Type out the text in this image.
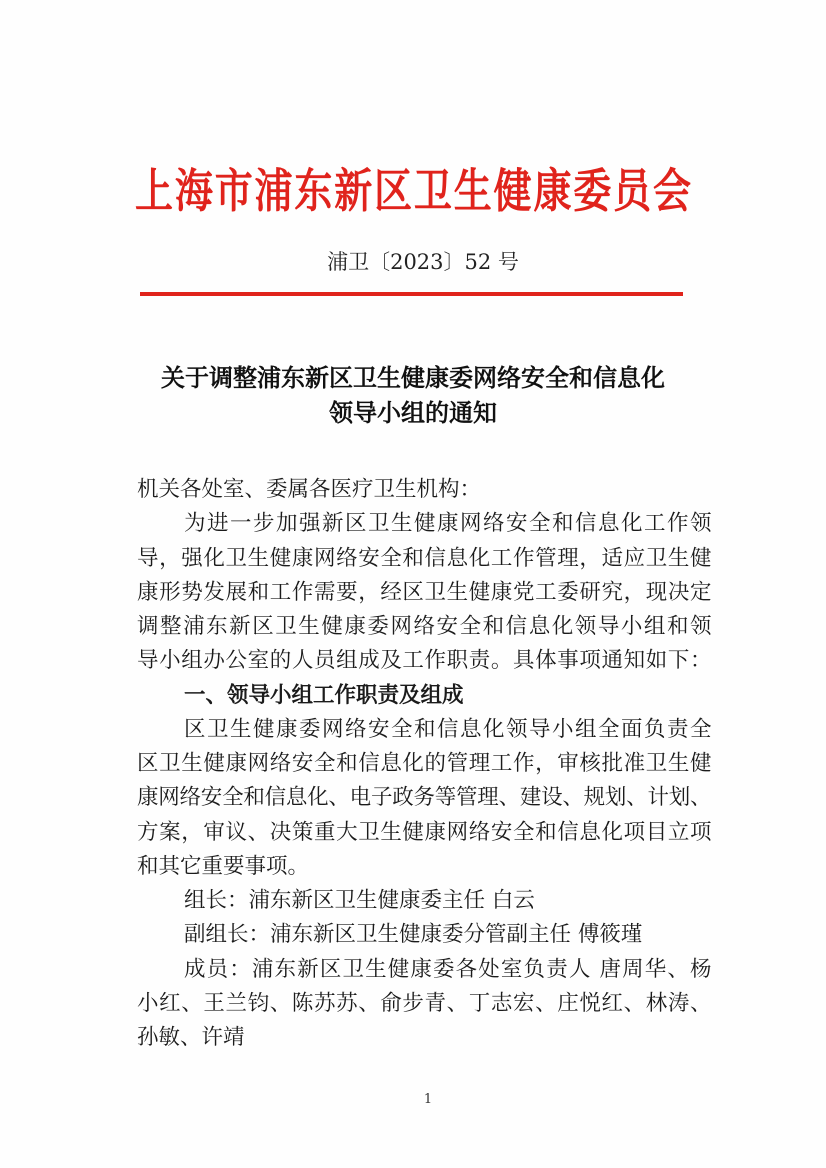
上海市浦东新区卫生健康委员会
浦卫〔2023〕52 号
关于调整浦东新区卫生健康委网络安全和信息化
领导小组的通知
机关各处室、委属各医疗卫生机构：
为进一步加强新区卫生健康网络安全和信息化工作领
导，强化卫生健康网络安全和信息化工作管理，适应卫生健
康形势发展和工作需要，经区卫生健康党工委研究，现决定
调整浦东新区卫生健康委网络安全和信息化领导小组和领
导小组办公室的人员组成及工作职责。具体事项通知如下：
一、领导小组工作职责及组成
区卫生健康委网络安全和信息化领导小组全面负责全
区卫生健康网络安全和信息化的管理工作，审核批准卫生健
康网络安全和信息化、电子政务等管理、建设、规划、计划、
方案，审议、决策重大卫生健康网络安全和信息化项目立项
和其它重要事项。
组长：浦东新区卫生健康委主任 白云
副组长：浦东新区卫生健康委分管副主任 傅筱瑾
成员：浦东新区卫生健康委各处室负责人 唐周华、杨
小红、王兰钧、陈苏苏、俞步青、丁志宏、庄悦红、林涛、
孙敏、许靖
1
